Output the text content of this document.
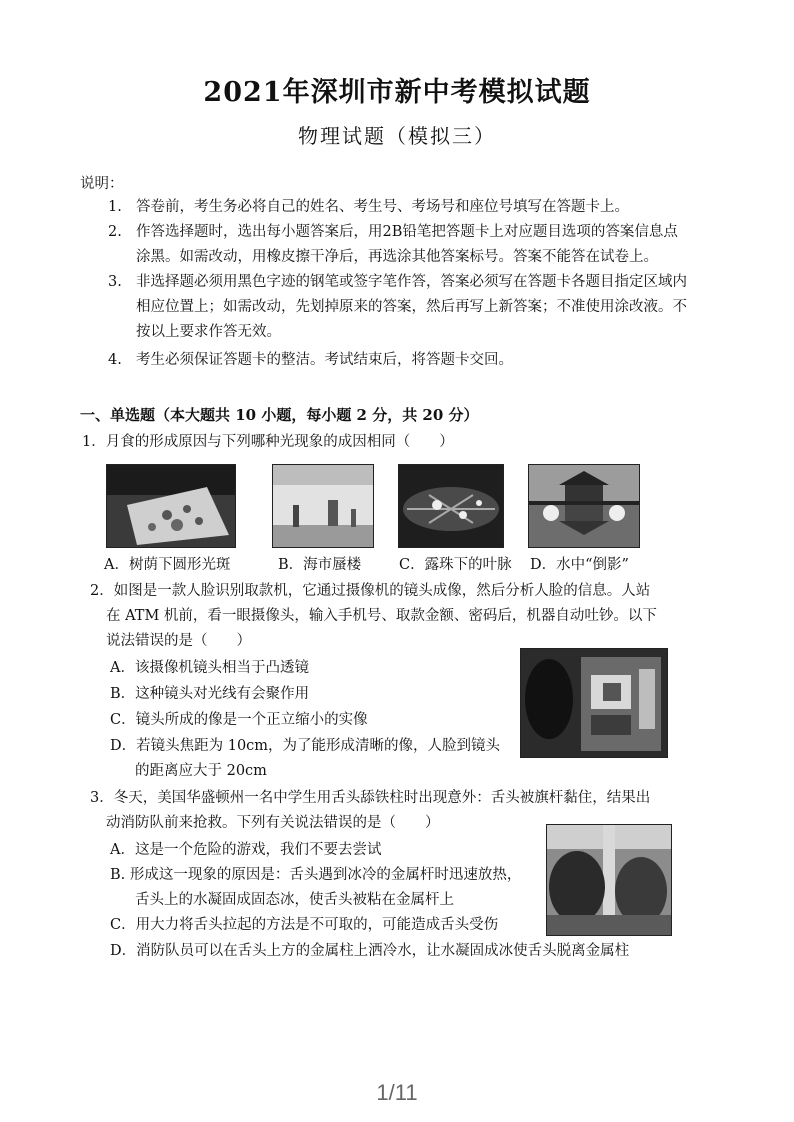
2021年深圳市新中考模拟试题
物理试题（模拟三）
说明：
1. 答卷前，考生务必将自己的姓名、考生号、考场号和座位号填写在答题卡上。
2. 作答选择题时，选出每小题答案后，用2B铅笔把答题卡上对应题目选项的答案信息点涂黑。如需改动，用橡皮擦干净后，再选涂其他答案标号。答案不能答在试卷上。
3. 非选择题必须用黑色字迹的钢笔或签字笔作答，答案必须写在答题卡各题目指定区域内相应位置上；如需改动，先划掉原来的答案，然后再写上新答案；不准使用涂改液。不按以上要求作答无效。
4. 考生必须保证答题卡的整洁。考试结束后，将答题卡交回。
一、单选题（本大题共 10 小题，每小题 2 分，共 20 分）
1．月食的形成原因与下列哪种光现象的成因相同（　　）
A．树荫下圆形光斑	B．海市蜃楼	C．露珠下的叶脉 D．水中“倒影”
2．如图是一款人脸识别取款机，它通过摄像机的镜头成像，然后分析人脸的信息。人站
在 ATM 机前，看一眼摄像头，输入手机号、取款金额、密码后，机器自动吐钞。以下
说法错误的是（　　）
A．该摄像机镜头相当于凸透镜
B．这种镜头对光线有会聚作用
C．镜头所成的像是一个正立缩小的实像
D．若镜头焦距为 10cm，为了能形成清晰的像，人脸到镜头
的距离应大于 20cm
3．冬天，美国华盛顿州一名中学生用舌头舔铁柱时出现意外：舌头被旗杆黏住，结果出
动消防队前来抢救。下列有关说法错误的是（　　）
A．这是一个危险的游戏，我们不要去尝试
B. 形成这一现象的原因是：舌头遇到冰冷的金属杆时迅速放热，
舌头上的水凝固成固态冰，使舌头被粘在金属杆上
C．用大力将舌头拉起的方法是不可取的，可能造成舌头受伤
D．消防队员可以在舌头上方的金属柱上洒冷水，让水凝固成冰使舌头脱离金属柱
1/11
